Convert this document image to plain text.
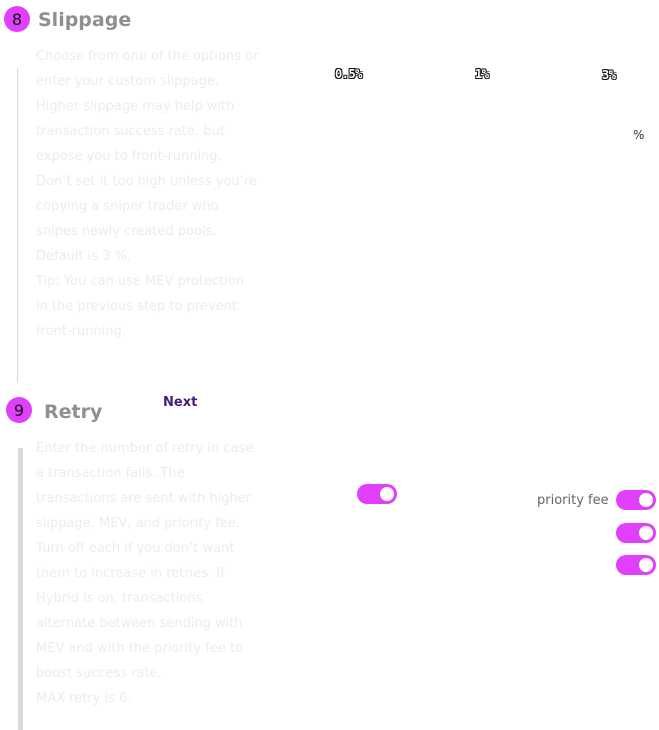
8 Slippage

Choose from one of the options or
enter your custom slippage.
Higher slippage may help with
transaction success rate, but
expose you to front-running.
Don’t set it too high unless you’re
copying a sniper trader who
snipes newly created pools.
Default is 3 %.
Tip: You can use MEV protection
in the previous step to prevent
front-running.

0.5%	1%	3%
%
9	Retry	Next

Enter the number of retry in case
a transaction fails. The
transactions are sent with higher
slippage, MEV, and priority fee.
Turn off each if you don’t want
them to increase in retries. If
Hybrid is on, transactions
alternate between sending with
MEV and with the priority fee to
boost success rate.
MAX retry is 6.

priority fee
